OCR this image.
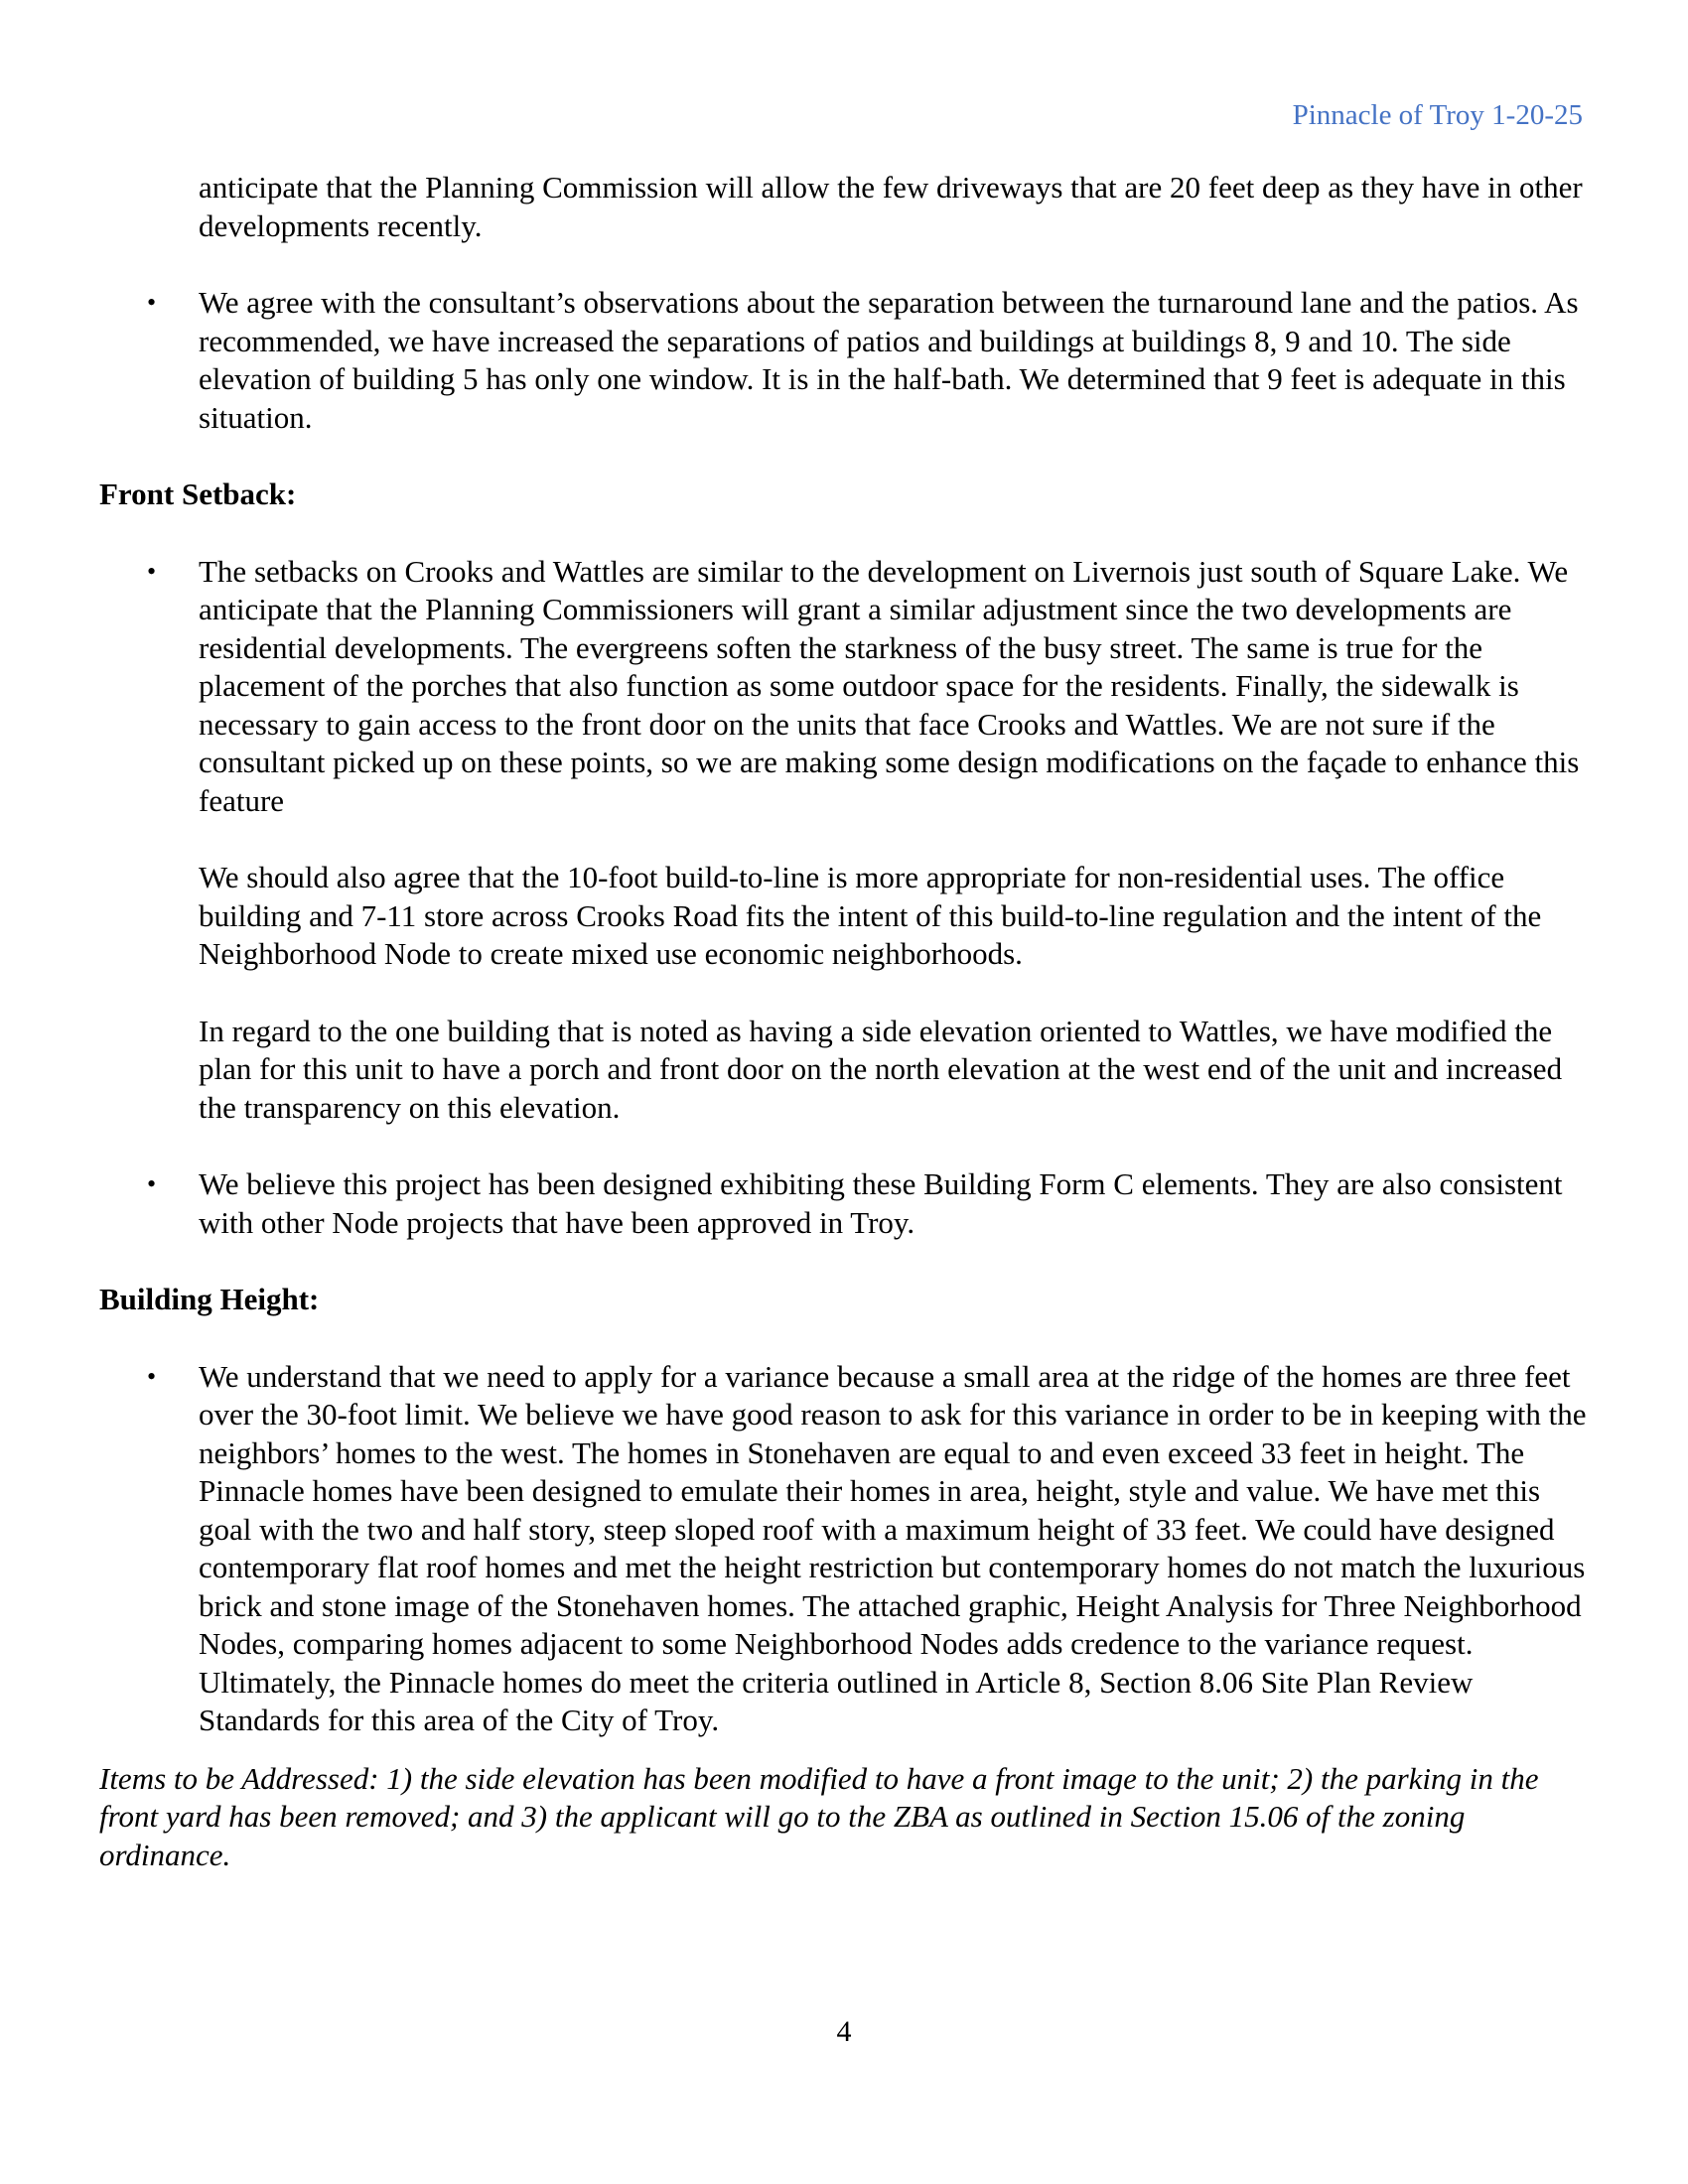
Pinnacle of Troy 1-20-25
anticipate that the Planning Commission will allow the few driveways that are 20 feet deep as they have in other developments recently.
• We agree with the consultant’s observations about the separation between the turnaround lane and the patios. As recommended, we have increased the separations of patios and buildings at buildings 8, 9 and 10. The side elevation of building 5 has only one window. It is in the half-bath. We determined that 9 feet is adequate in this situation.
Front Setback:
• The setbacks on Crooks and Wattles are similar to the development on Livernois just south of Square Lake. We anticipate that the Planning Commissioners will grant a similar adjustment since the two developments are residential developments. The evergreens soften the starkness of the busy street. The same is true for the placement of the porches that also function as some outdoor space for the residents. Finally, the sidewalk is necessary to gain access to the front door on the units that face Crooks and Wattles. We are not sure if the consultant picked up on these points, so we are making some design modifications on the façade to enhance this feature
We should also agree that the 10-foot build-to-line is more appropriate for non-residential uses. The office building and 7-11 store across Crooks Road fits the intent of this build-to-line regulation and the intent of the Neighborhood Node to create mixed use economic neighborhoods.
In regard to the one building that is noted as having a side elevation oriented to Wattles, we have modified the plan for this unit to have a porch and front door on the north elevation at the west end of the unit and increased the transparency on this elevation.
• We believe this project has been designed exhibiting these Building Form C elements. They are also consistent with other Node projects that have been approved in Troy.
Building Height:
• We understand that we need to apply for a variance because a small area at the ridge of the homes are three feet over the 30-foot limit. We believe we have good reason to ask for this variance in order to be in keeping with the neighbors’ homes to the west. The homes in Stonehaven are equal to and even exceed 33 feet in height. The Pinnacle homes have been designed to emulate their homes in area, height, style and value. We have met this goal with the two and half story, steep sloped roof with a maximum height of 33 feet. We could have designed contemporary flat roof homes and met the height restriction but contemporary homes do not match the luxurious brick and stone image of the Stonehaven homes. The attached graphic, Height Analysis for Three Neighborhood Nodes, comparing homes adjacent to some Neighborhood Nodes adds credence to the variance request. Ultimately, the Pinnacle homes do meet the criteria outlined in Article 8, Section 8.06 Site Plan Review Standards for this area of the City of Troy.
Items to be Addressed: 1) the side elevation has been modified to have a front image to the unit; 2) the parking in the front yard has been removed; and 3) the applicant will go to the ZBA as outlined in Section 15.06 of the zoning ordinance.
4
